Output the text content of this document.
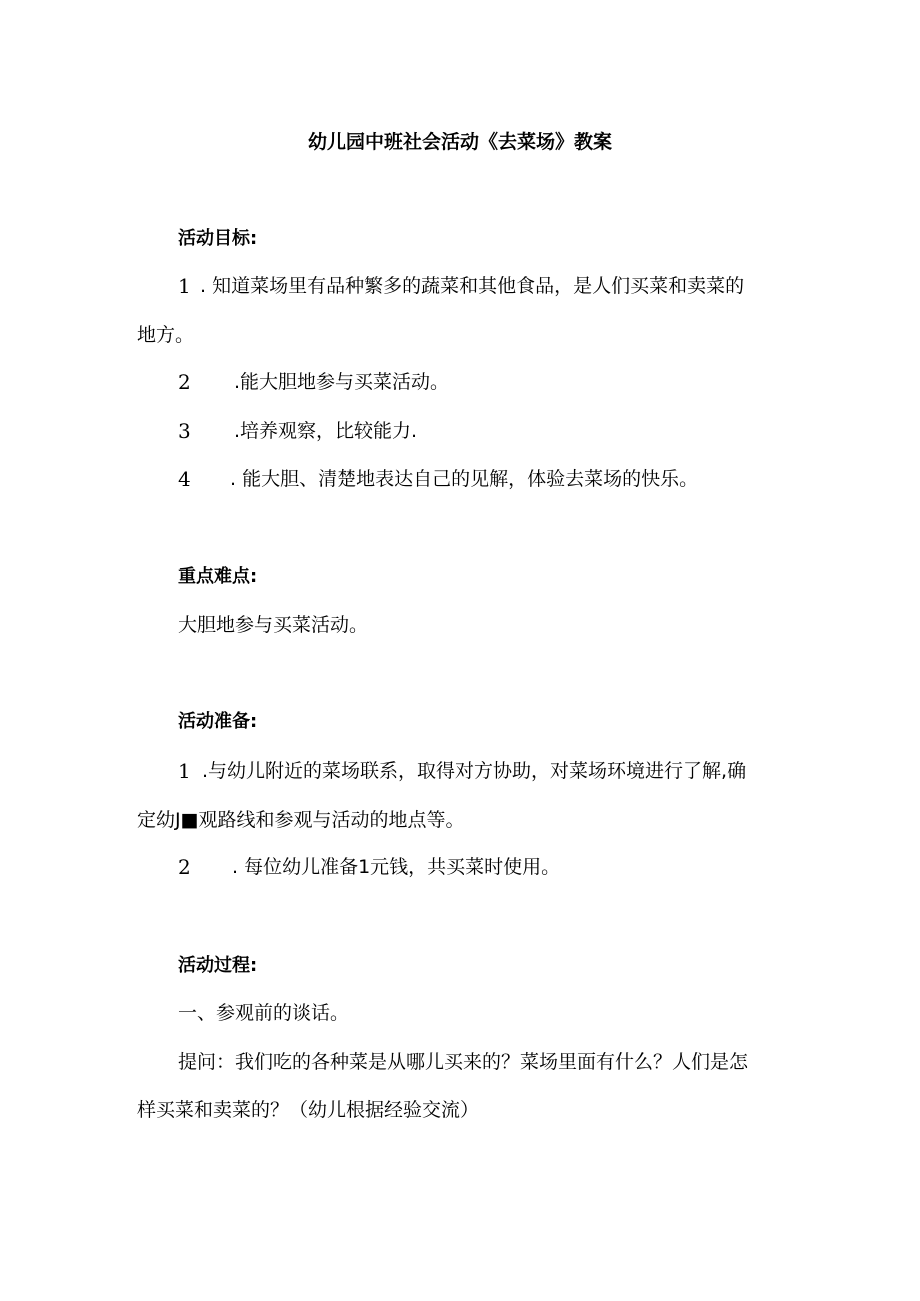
幼儿园中班社会活动《去菜场》教案
活动目标:
1 . 知道菜场里有品种繁多的蔬菜和其他食品，是人们买菜和卖菜的
地方。
2 .能大胆地参与买菜活动。
3 .培养观察，比较能力.
4 . 能大胆、清楚地表达自己的见解，体验去菜场的快乐。
重点难点:
大胆地参与买菜活动。
活动准备:
1 .与幼儿附近的菜场联系，取得对方协助，对菜场环境进行了解,确
定幼J■观路线和参观与活动的地点等。
2 . 每位幼儿准备1元钱，共买菜时使用。
活动过程:
一、参观前的谈话。
提问：我们吃的各种菜是从哪儿买来的？菜场里面有什么？人们是怎
样买菜和卖菜的？（幼儿根据经验交流）
